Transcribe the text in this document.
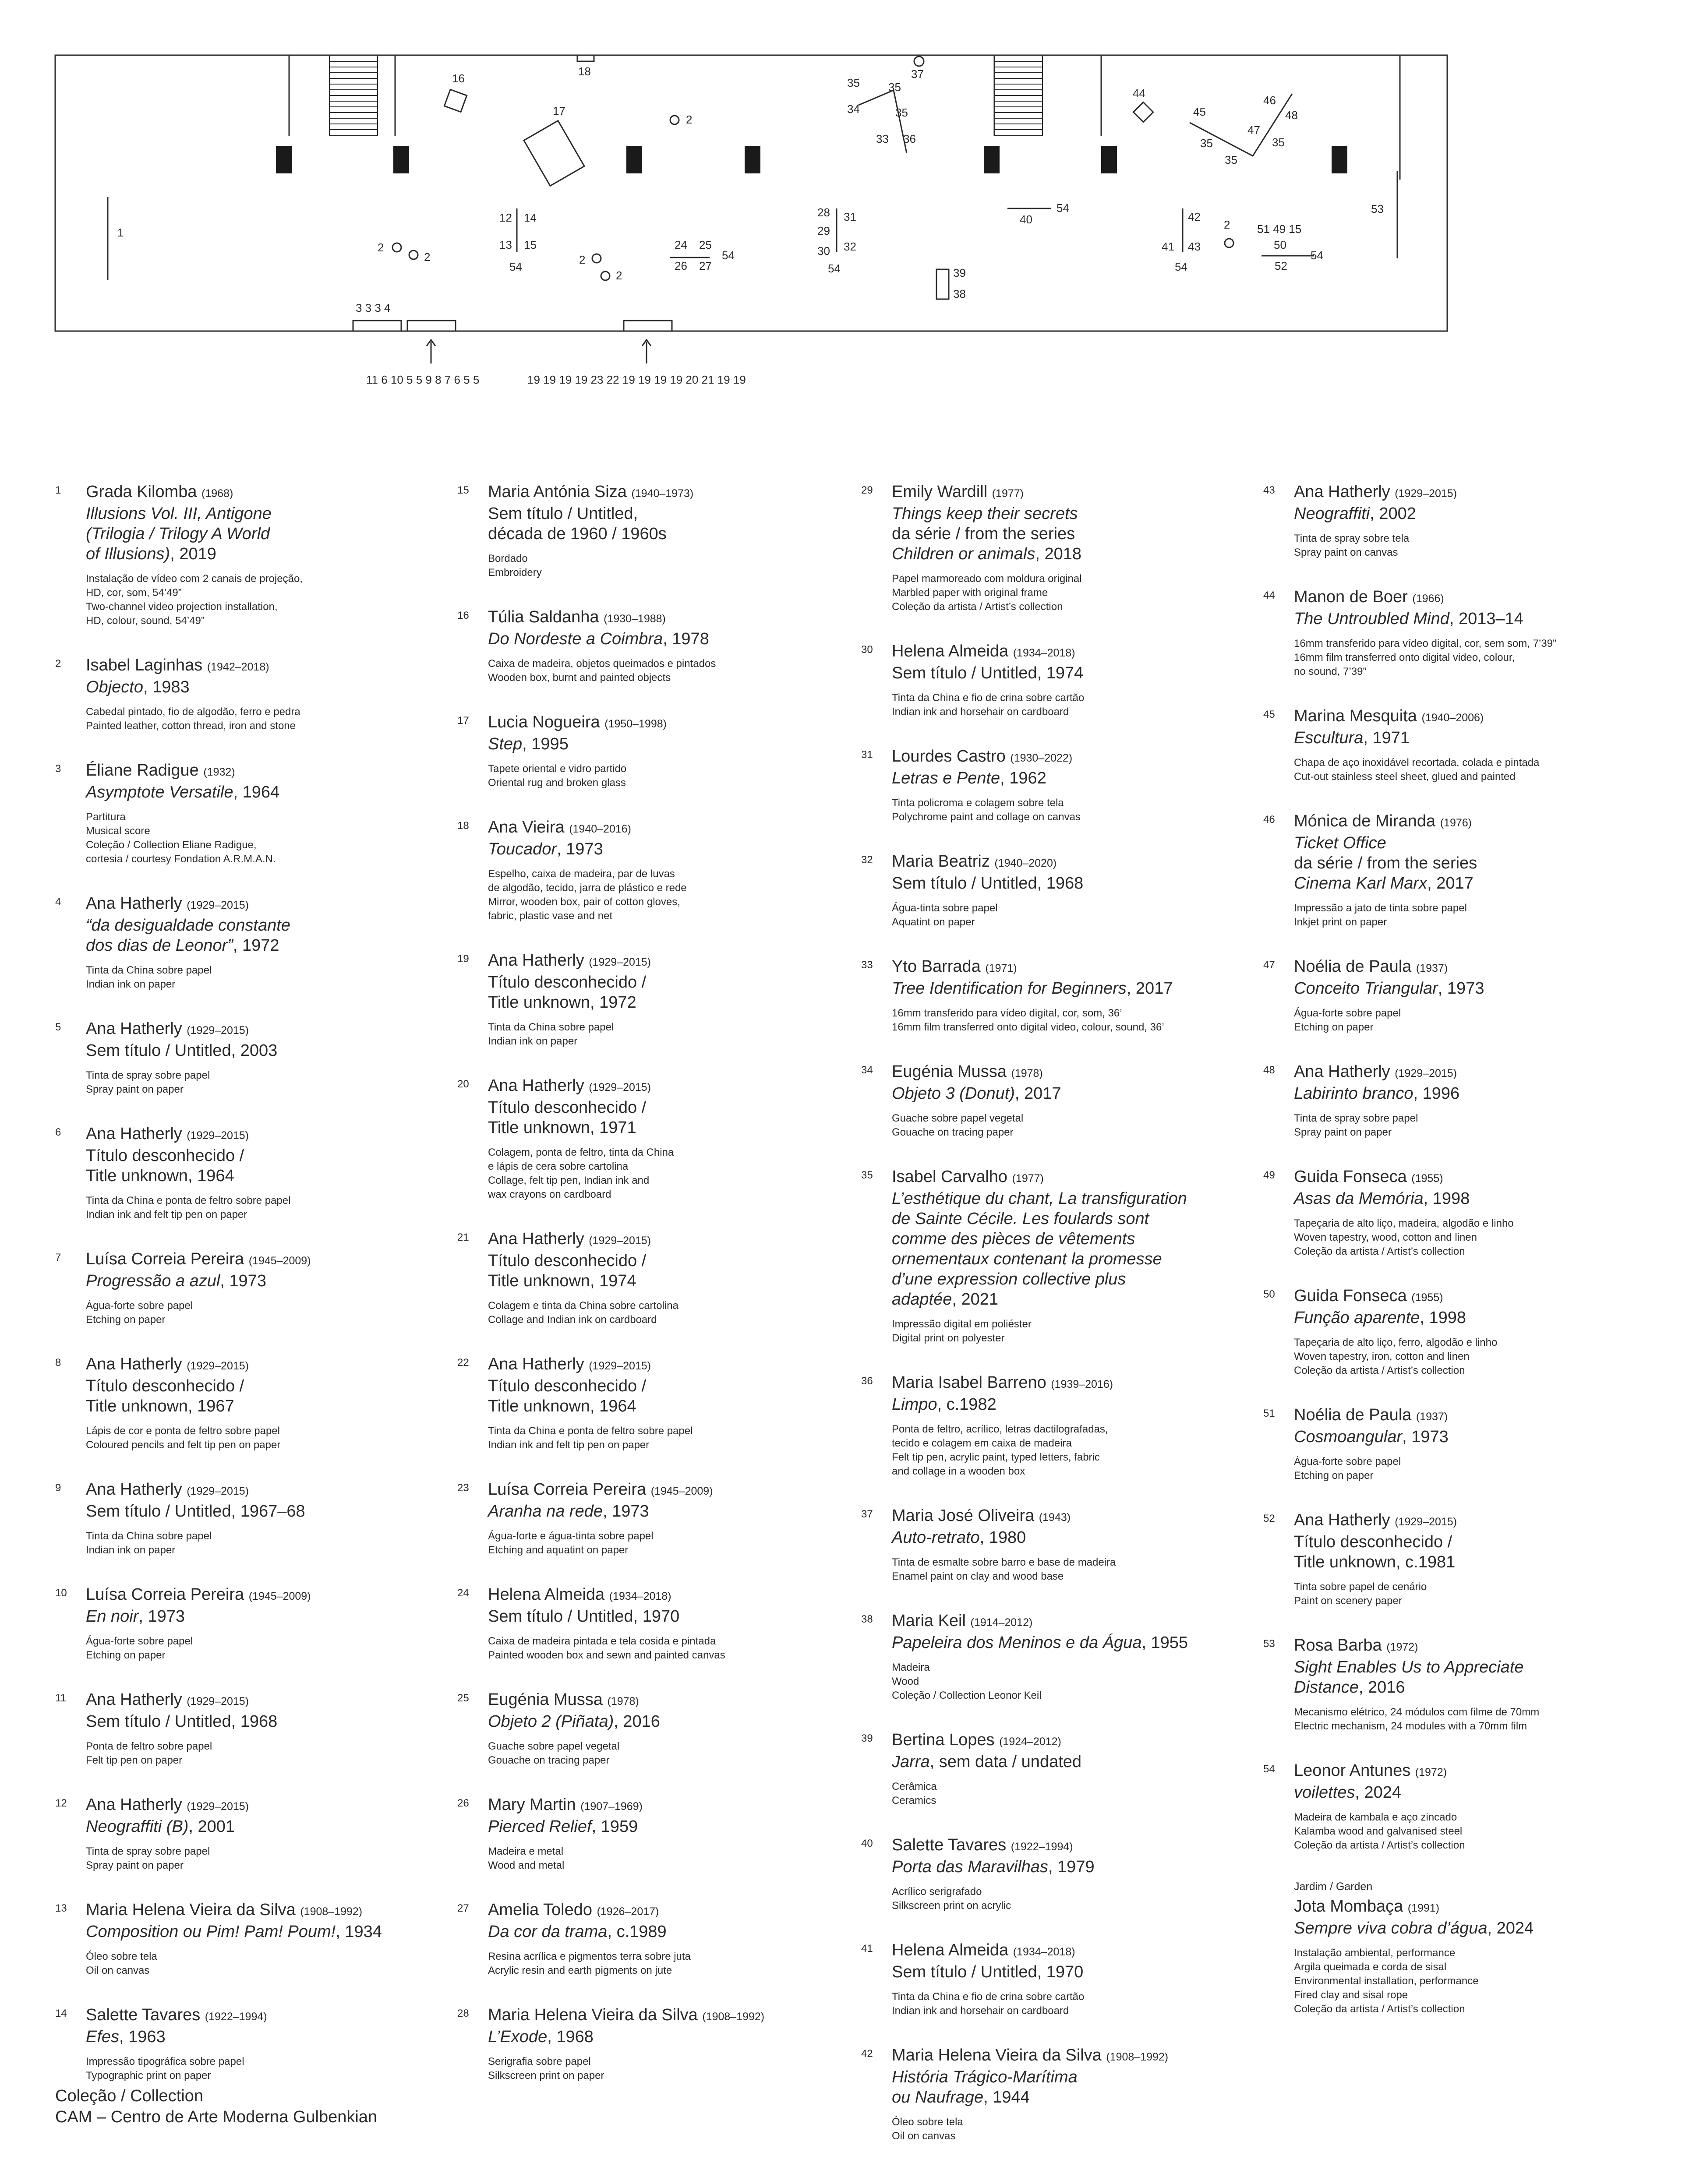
1
2
2	2
2
2
2
3 3 3 4
11 6 10 5 5 9 8 7 6 5 5	19 19 19 19 23 22 19 19 19 19 20 21 19 19
12
13
14
15
16
17
18
24 25
26 27
28
29
30
31
32
33
34
35	35
35
35
35
35
36
37
38
39
40
41
42
43
44
45
46
47
48
50
51 49 15
52
53
54
54
54
54
54
54
1 Grada Kilomba (1968)
Illusions Vol. III, Antigone
(Trilogia / Trilogy A World
of Illusions), 2019
Instalação de vídeo com 2 canais de projeção,
HD, cor, som, 54’49”
Two-channel video projection installation,
HD, colour, sound, 54’49”
2 Isabel Laginhas (1942–2018)
Objecto, 1983
Cabedal pintado, fio de algodão, ferro e pedra
Painted leather, cotton thread, iron and stone
3 Éliane Radigue (1932)
Asymptote Versatile, 1964
Partitura
Musical score
Coleção / Collection Eliane Radigue,
cortesia / courtesy Fondation A.R.M.A.N.
4 Ana Hatherly (1929–2015)
“da desigualdade constante
dos dias de Leonor”, 1972
Tinta da China sobre papel
Indian ink on paper
5 Ana Hatherly (1929–2015)
Sem título / Untitled, 2003
Tinta de spray sobre papel
Spray paint on paper
6 Ana Hatherly (1929–2015)
Título desconhecido /
Title unknown, 1964
Tinta da China e ponta de feltro sobre papel
Indian ink and felt tip pen on paper
7 Luísa Correia Pereira (1945–2009)
Progressão a azul, 1973
Água-forte sobre papel
Etching on paper
8 Ana Hatherly (1929–2015)
Título desconhecido /
Title unknown, 1967
Lápis de cor e ponta de feltro sobre papel
Coloured pencils and felt tip pen on paper
9 Ana Hatherly (1929–2015)
Sem título / Untitled, 1967–68
Tinta da China sobre papel
Indian ink on paper
10 Luísa Correia Pereira (1945–2009)
En noir, 1973
Água-forte sobre papel
Etching on paper
11 Ana Hatherly (1929–2015)
Sem título / Untitled, 1968
Ponta de feltro sobre papel
Felt tip pen on paper
12 Ana Hatherly (1929–2015)
Neograffiti (B), 2001
Tinta de spray sobre papel
Spray paint on paper
13 Maria Helena Vieira da Silva (1908–1992)
Composition ou Pim! Pam! Poum!, 1934
Óleo sobre tela
Oil on canvas
14 Salette Tavares (1922–1994)
Efes, 1963
Impressão tipográfica sobre papel
Typographic print on paper
15 Maria Antónia Siza (1940–1973)
Sem título / Untitled,
década de 1960 / 1960s
Bordado
Embroidery
16 Túlia Saldanha (1930–1988)
Do Nordeste a Coimbra, 1978
Caixa de madeira, objetos queimados e pintados
Wooden box, burnt and painted objects
17 Lucia Nogueira (1950–1998)
Step, 1995
Tapete oriental e vidro partido
Oriental rug and broken glass
18 Ana Vieira (1940–2016)
Toucador, 1973
Espelho, caixa de madeira, par de luvas
de algodão, tecido, jarra de plástico e rede
Mirror, wooden box, pair of cotton gloves,
fabric, plastic vase and net
19 Ana Hatherly (1929–2015)
Título desconhecido /
Title unknown, 1972
Tinta da China sobre papel
Indian ink on paper
20 Ana Hatherly (1929–2015)
Título desconhecido /
Title unknown, 1971
Colagem, ponta de feltro, tinta da China
e lápis de cera sobre cartolina
Collage, felt tip pen, Indian ink and
wax crayons on cardboard
21 Ana Hatherly (1929–2015)
Título desconhecido /
Title unknown, 1974
Colagem e tinta da China sobre cartolina
Collage and Indian ink on cardboard
22 Ana Hatherly (1929–2015)
Título desconhecido /
Title unknown, 1964
Tinta da China e ponta de feltro sobre papel
Indian ink and felt tip pen on paper
23 Luísa Correia Pereira (1945–2009)
Aranha na rede, 1973
Água-forte e água-tinta sobre papel
Etching and aquatint on paper
24 Helena Almeida (1934–2018)
Sem título / Untitled, 1970
Caixa de madeira pintada e tela cosida e pintada
Painted wooden box and sewn and painted canvas
25 Eugénia Mussa (1978)
Objeto 2 (Piñata), 2016
Guache sobre papel vegetal
Gouache on tracing paper
26 Mary Martin (1907–1969)
Pierced Relief, 1959
Madeira e metal
Wood and metal
27 Amelia Toledo (1926–2017)
Da cor da trama, c.1989
Resina acrílica e pigmentos terra sobre juta
Acrylic resin and earth pigments on jute
28 Maria Helena Vieira da Silva (1908–1992)
L’Exode, 1968
Serigrafia sobre papel
Silkscreen print on paper
29 Emily Wardill (1977)
Things keep their secrets
da série / from the series
Children or animals, 2018
Papel marmoreado com moldura original
Marbled paper with original frame
Coleção da artista / Artist’s collection
30 Helena Almeida (1934–2018)
Sem título / Untitled, 1974
Tinta da China e fio de crina sobre cartão
Indian ink and horsehair on cardboard
31 Lourdes Castro (1930–2022)
Letras e Pente, 1962
Tinta policroma e colagem sobre tela
Polychrome paint and collage on canvas
32 Maria Beatriz (1940–2020)
Sem título / Untitled, 1968
Água-tinta sobre papel
Aquatint on paper
33 Yto Barrada (1971)
Tree Identification for Beginners, 2017
16mm transferido para vídeo digital, cor, som, 36’
16mm film transferred onto digital video, colour, sound, 36’
34 Eugénia Mussa (1978)
Objeto 3 (Donut), 2017
Guache sobre papel vegetal
Gouache on tracing paper
35 Isabel Carvalho (1977)
L’esthétique du chant, La transfiguration
de Sainte Cécile. Les foulards sont
comme des pièces de vêtements
ornementaux contenant la promesse
d’une expression collective plus
adaptée, 2021
Impressão digital em poliéster
Digital print on polyester
36 Maria Isabel Barreno (1939–2016)
Limpo, c.1982
Ponta de feltro, acrílico, letras dactilografadas,
tecido e colagem em caixa de madeira
Felt tip pen, acrylic paint, typed letters, fabric
and collage in a wooden box
37 Maria José Oliveira (1943)
Auto-retrato, 1980
Tinta de esmalte sobre barro e base de madeira
Enamel paint on clay and wood base
38 Maria Keil (1914–2012)
Papeleira dos Meninos e da Água, 1955
Madeira
Wood
Coleção / Collection Leonor Keil
39 Bertina Lopes (1924–2012)
Jarra, sem data / undated
Cerâmica
Ceramics
40 Salette Tavares (1922–1994)
Porta das Maravilhas, 1979
Acrílico serigrafado
Silkscreen print on acrylic
41 Helena Almeida (1934–2018)
Sem título / Untitled, 1970
Tinta da China e fio de crina sobre cartão
Indian ink and horsehair on cardboard
42 Maria Helena Vieira da Silva (1908–1992)
História Trágico-Marítima
ou Naufrage, 1944
Óleo sobre tela
Oil on canvas
43 Ana Hatherly (1929–2015)
Neograffiti, 2002
Tinta de spray sobre tela
Spray paint on canvas
44 Manon de Boer (1966)
The Untroubled Mind, 2013–14
16mm transferido para vídeo digital, cor, sem som, 7’39”
16mm film transferred onto digital video, colour,
no sound, 7’39”
45 Marina Mesquita (1940–2006)
Escultura, 1971
Chapa de aço inoxidável recortada, colada e pintada
Cut-out stainless steel sheet, glued and painted
46 Mónica de Miranda (1976)
Ticket Office
da série / from the series
Cinema Karl Marx, 2017
Impressão a jato de tinta sobre papel
Inkjet print on paper
47 Noélia de Paula (1937)
Conceito Triangular, 1973
Água-forte sobre papel
Etching on paper
48 Ana Hatherly (1929–2015)
Labirinto branco, 1996
Tinta de spray sobre papel
Spray paint on paper
49 Guida Fonseca (1955)
Asas da Memória, 1998
Tapeçaria de alto liço, madeira, algodão e linho
Woven tapestry, wood, cotton and linen
Coleção da artista / Artist’s collection
50 Guida Fonseca (1955)
Função aparente, 1998
Tapeçaria de alto liço, ferro, algodão e linho
Woven tapestry, iron, cotton and linen
Coleção da artista / Artist’s collection
51 Noélia de Paula (1937)
Cosmoangular, 1973
Água-forte sobre papel
Etching on paper
52 Ana Hatherly (1929–2015)
Título desconhecido /
Title unknown, c.1981
Tinta sobre papel de cenário
Paint on scenery paper
53 Rosa Barba (1972)
Sight Enables Us to Appreciate
Distance, 2016
Mecanismo elétrico, 24 módulos com filme de 70mm
Electric mechanism, 24 modules with a 70mm film
54 Leonor Antunes (1972)
voilettes, 2024
Madeira de kambala e aço zincado
Kalamba wood and galvanised steel
Coleção da artista / Artist’s collection
Jardim / Garden
Jota Mombaça (1991)
Sempre viva cobra d’água, 2024
Instalação ambiental, performance
Argila queimada e corda de sisal
Environmental installation, performance
Fired clay and sisal rope
Coleção da artista / Artist’s collection
Coleção / Collection
CAM – Centro de Arte Moderna Gulbenkian
